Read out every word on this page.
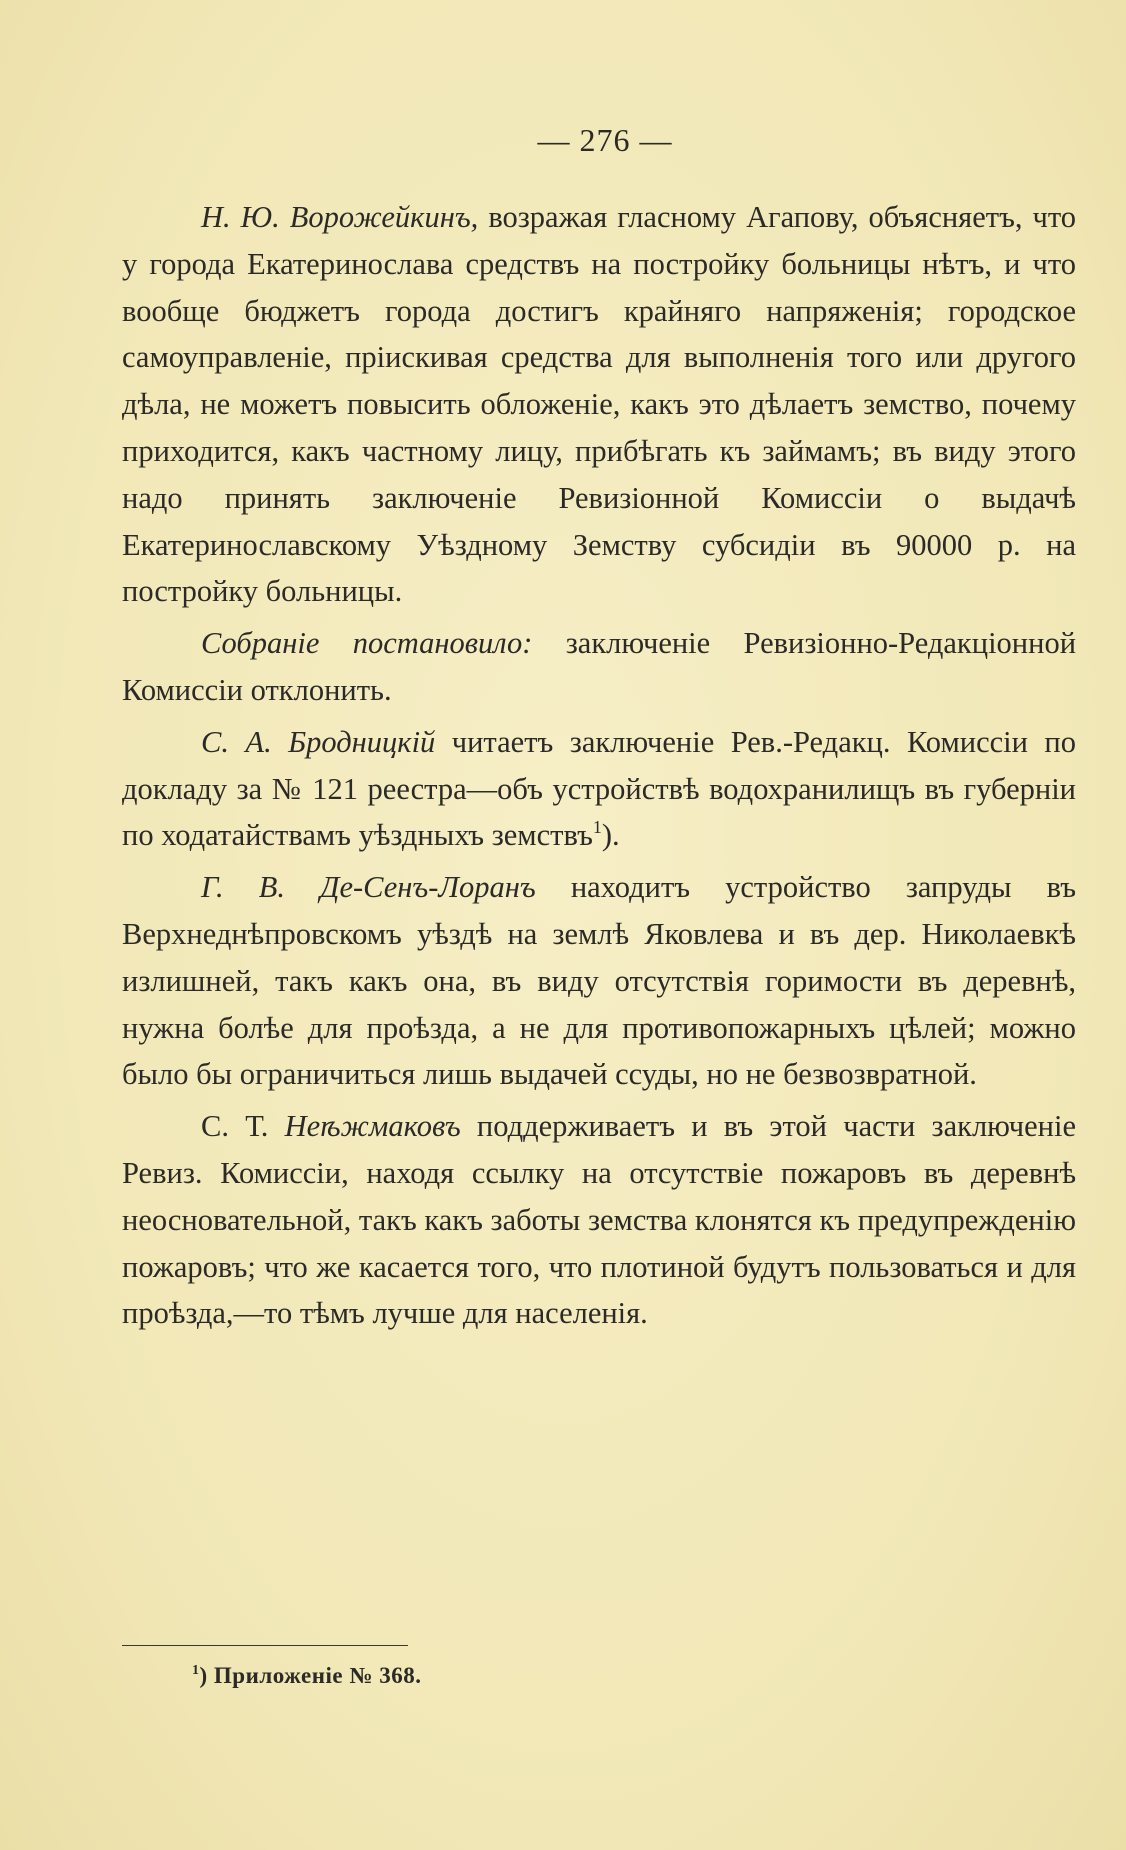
— 276 —

Н. Ю. Ворожейкинъ, возражая гласному Агапову, объясняетъ, что у города Екатеринослава средствъ на постройку больницы нѣтъ, и что вообще бюджетъ города достигъ крайняго напряженія; городское самоуправленіе, пріискивая средства для выполненія того или другого дѣла, не можетъ повысить обложеніе, какъ это дѣлаетъ земство, почему приходится, какъ частному лицу, прибѣгать къ займамъ; въ виду этого надо принять заключеніе Ревизіонной Комиссіи о выдачѣ Екатеринославскому Уѣздному Земству субсидіи въ 90000 р. на постройку больницы.

Собраніе постановило: заключеніе Ревизіонно-Редакціонной Комиссіи отклонить.

С. А. Бродницкій читаетъ заключеніе Рев.-Редакц. Комиссіи по докладу за № 121 реестра—объ устройствѣ водохранилищъ въ губерніи по ходатайствамъ уѣздныхъ земствъ$^1$).

Г. В. Де-Сенъ-Лоранъ находитъ устройство запруды въ Верхнеднѣпровскомъ уѣздѣ на землѣ Яковлева и въ дер. Николаевкѣ излишней, такъ какъ она, въ виду отсутствія горимости въ деревнѣ, нужна болѣе для проѣзда, а не для противопожарныхъ цѣлей; можно было бы ограничиться лишь выдачей ссуды, но не безвозвратной.

С. Т. Неѣжмаковъ поддерживаетъ и въ этой части заключеніе Ревиз. Комиссіи, находя ссылку на отсутствіе пожаровъ въ деревнѣ неосновательной, такъ какъ заботы земства клонятся къ предупрежденію пожаровъ; что же касается того, что плотиной будутъ пользоваться и для проѣзда,—то тѣмъ лучше для населенія.

$^1$) Приложеніе № 368.
